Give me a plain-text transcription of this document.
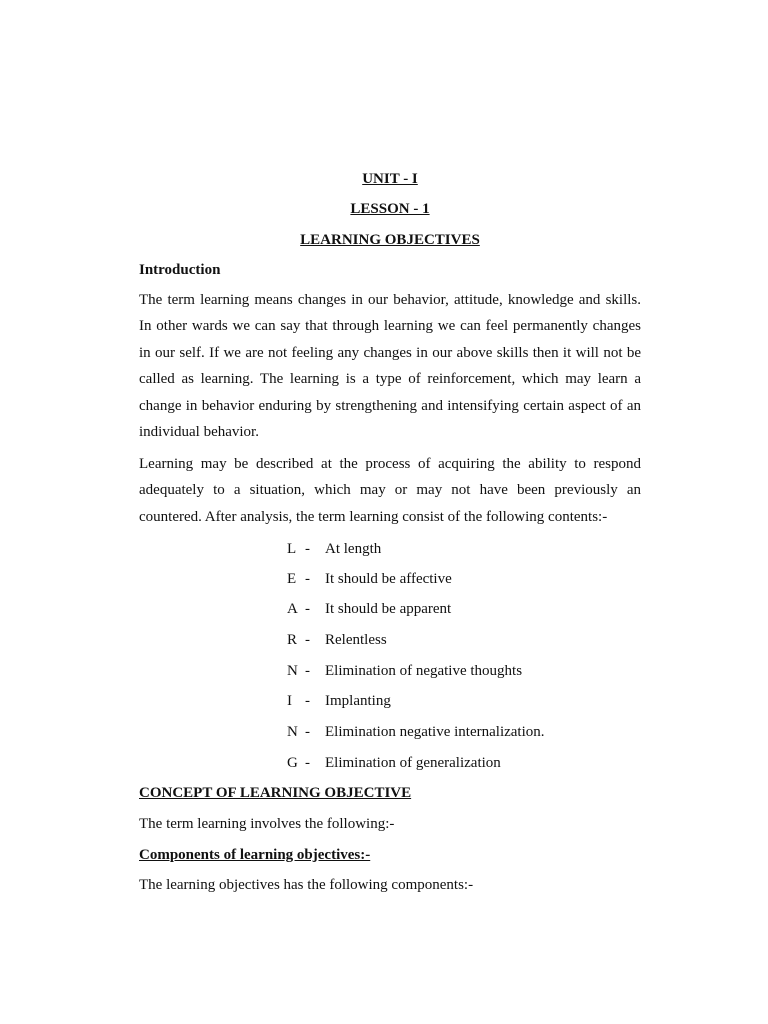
UNIT - I

LESSON - 1

LEARNING OBJECTIVES

Introduction

The term learning means changes in our behavior, attitude, knowledge and skills. In other wards we can say that through learning we can feel permanently changes in our self. If we are not feeling any changes in our above skills then it will not be called as learning. The learning is a type of reinforcement, which may learn a change in behavior enduring by strengthening and intensifying certain aspect of an individual behavior.

Learning may be described at the process of acquiring the ability to respond adequately to a situation, which may or may not have been previously an countered. After analysis, the term learning consist of the following contents:-

L - At length

E - It should be affective

A - It should be apparent

R - Relentless

N - Elimination of negative thoughts

I - Implanting

N - Elimination negative internalization.

G - Elimination of generalization

CONCEPT OF LEARNING OBJECTIVE

The term learning involves the following:-

Components of learning objectives:-

The learning objectives has the following components:-
